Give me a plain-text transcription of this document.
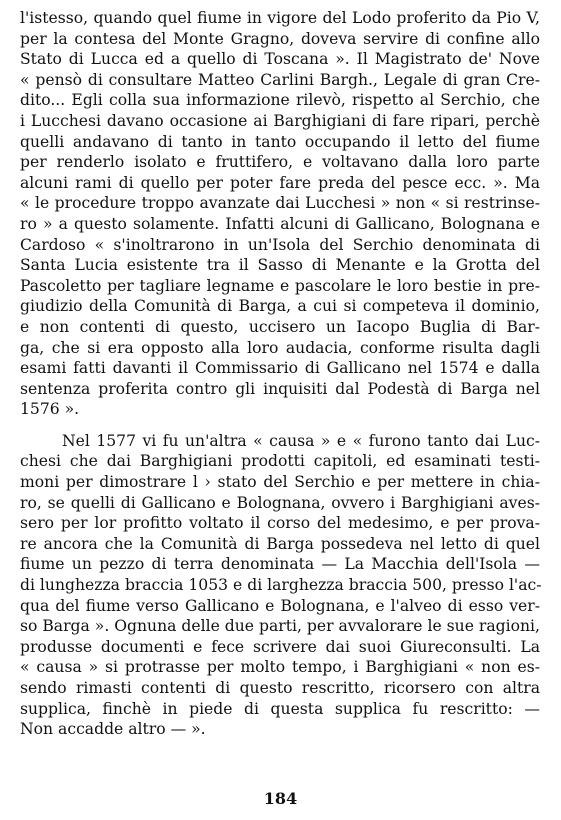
l'istesso, quando quel fiume in vigore del Lodo proferito da Pio V,
per la contesa del Monte Gragno, doveva servire di confine allo
Stato di Lucca ed a quello di Toscana ». Il Magistrato de' Nove
« pensò di consultare Matteo Carlini Bargh., Legale di gran Cre-
dito... Egli colla sua informazione rilevò, rispetto al Serchio, che
i Lucchesi davano occasione ai Barghigiani di fare ripari, perchè
quelli andavano di tanto in tanto occupando il letto del fiume
per renderlo isolato e fruttifero, e voltavano dalla loro parte
alcuni rami di quello per poter fare preda del pesce ecc. ». Ma
« le procedure troppo avanzate dai Lucchesi » non « si restrinse-
ro » a questo solamente. Infatti alcuni di Gallicano, Bolognana e
Cardoso « s'inoltrarono in un'Isola del Serchio denominata di
Santa Lucia esistente tra il Sasso di Menante e la Grotta del
Pascoletto per tagliare legname e pascolare le loro bestie in pre-
giudizio della Comunità di Barga, a cui si competeva il dominio,
e non contenti di questo, uccisero un Iacopo Buglia di Bar-
ga, che si era opposto alla loro audacia, conforme risulta dagli
esami fatti davanti il Commissario di Gallicano nel 1574 e dalla
sentenza proferita contro gli inquisiti dal Podestà di Barga nel
1576 ».
Nel 1577 vi fu un'altra « causa » e « furono tanto dai Luc-
chesi che dai Barghigiani prodotti capitoli, ed esaminati testi-
moni per dimostrare l › stato del Serchio e per mettere in chia-
ro, se quelli di Gallicano e Bolognana, ovvero i Barghigiani aves-
sero per lor profitto voltato il corso del medesimo, e per prova-
re ancora che la Comunità di Barga possedeva nel letto di quel
fiume un pezzo di terra denominata — La Macchia dell'Isola —
di lunghezza braccia 1053 e di larghezza braccia 500, presso l'ac-
qua del fiume verso Gallicano e Bolognana, e l'alveo di esso ver-
so Barga ». Ognuna delle due parti, per avvalorare le sue ragioni,
produsse documenti e fece scrivere dai suoi Giureconsulti. La
« causa » si protrasse per molto tempo, i Barghigiani « non es-
sendo rimasti contenti di questo rescritto, ricorsero con altra
supplica, finchè in piede di questa supplica fu rescritto: —
Non accadde altro — ».
184
